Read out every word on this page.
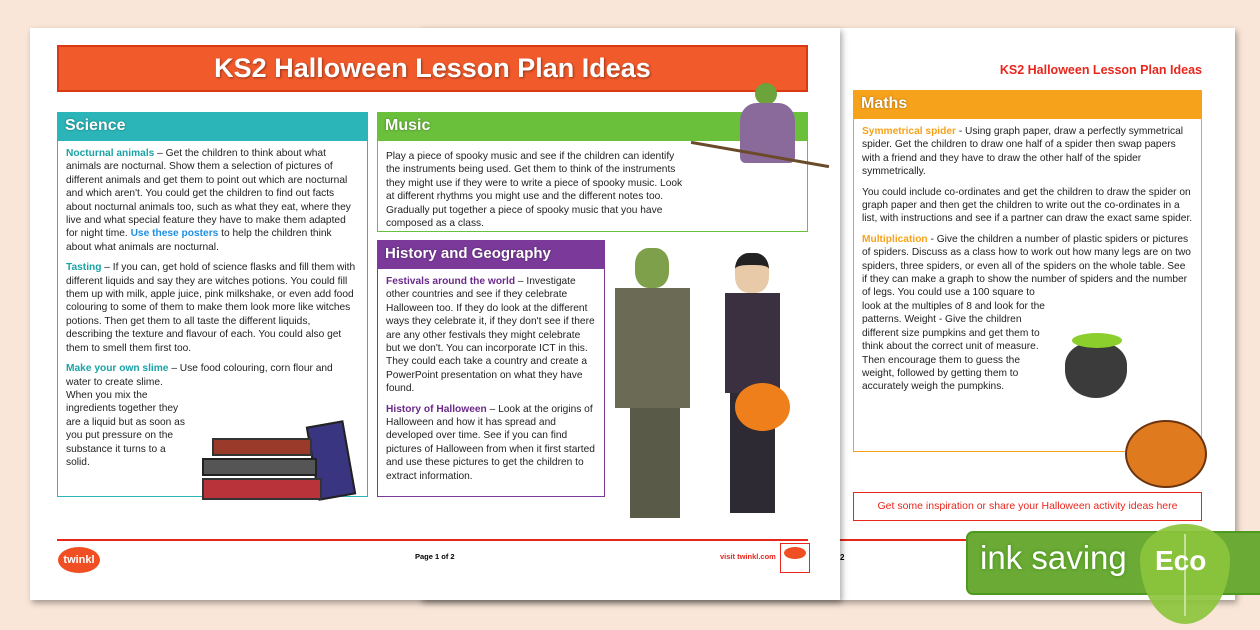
KS2 Halloween Lesson Plan Ideas
Maths

Symmetrical spider - Using graph paper, draw a perfectly symmetrical spider. Get the children to draw one half of a spider then swap papers with a friend and they have to draw the other half of the spider symmetrically.

You could include co-ordinates and get the children to draw the spider on graph paper and then get the children to write out the co-ordinates in a list, with instructions and see if a partner can draw the exact same spider.

Multiplication - Give the children a number of plastic spiders or pictures of spiders. Discuss as a class how to work out how many legs are on two spiders, three spiders, or even all of the spiders on the whole table. See if they can make a graph to show the number of spiders and the number of legs. You could use a 100 square to look at the multiples of 8 and look for the patterns. Weight - Give the children different size pumpkins and get them to think about the correct unit of measure. Then encourage them to guess the weight, followed by getting them to accurately weigh the pumpkins.

Get some inspiration or share your Halloween activity ideas here
2
KS2 Halloween Lesson Plan Ideas
Science

Nocturnal animals – Get the children to think about what animals are nocturnal. Show them a selection of pictures of different animals and get them to point out which are nocturnal and which aren't. You could get the children to find out facts about nocturnal animals too, such as what they eat, where they live and what special feature they have to make them adapted for night time. Use these posters to help the children think about what animals are nocturnal.

Tasting – If you can, get hold of science flasks and fill them with different liquids and say they are witches potions. You could fill them up with milk, apple juice, pink milkshake, or even add food colouring to some of them to make them look more like witches potions. Then get them to all taste the different liquids, describing the texture and flavour of each. You could also get them to smell them first too.

Make your own slime – Use food colouring, corn flour and water to create slime. When you mix the ingredients together they are a liquid but as soon as you put pressure on the substance it turns to a solid.

Music

Play a piece of spooky music and see if the children can identify the instruments being used. Get them to think of the instruments they might use if they were to write a piece of spooky music. Look at different rhythms you might use and the different notes too. Gradually put together a piece of spooky music that you have composed as a class.

History and Geography

Festivals around the world – Investigate other countries and see if they celebrate Halloween too. If they do look at the different ways they celebrate it, if they don't see if there are any other festivals they might celebrate but we don't. You can incorporate ICT in this. They could each take a country and create a PowerPoint presentation on what they have found.

History of Halloween – Look at the origins of Halloween and how it has spread and developed over time. See if you can find pictures of Halloween from when it first started and use these pictures to get the children to extract information.

twinkl	Page 1 of 2	visit twinkl.com	ink saving Eco
